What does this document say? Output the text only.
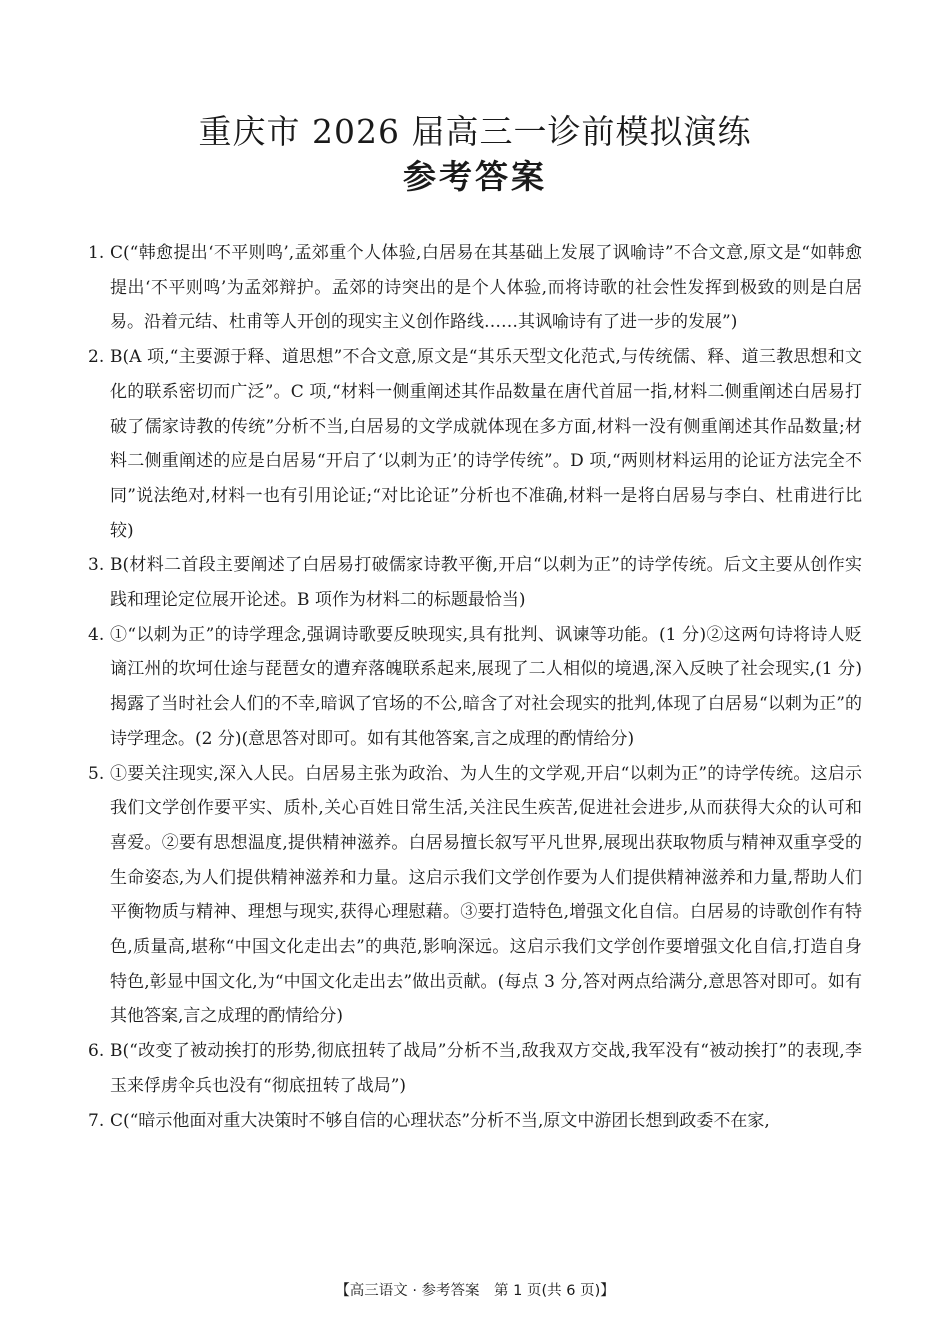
重庆市 2026 届高三一诊前模拟演练
参考答案
1. C(“韩愈提出‘不平则鸣’,孟郊重个人体验,白居易在其基础上发展了讽喻诗”不合文意,原文是“如韩愈提出‘不平则鸣’为孟郊辩护。孟郊的诗突出的是个人体验,而将诗歌的社会性发挥到极致的则是白居易。沿着元结、杜甫等人开创的现实主义创作路线……其讽喻诗有了进一步的发展”)
2. B(A 项,“主要源于释、道思想”不合文意,原文是“其乐天型文化范式,与传统儒、释、道三教思想和文化的联系密切而广泛”。C 项,“材料一侧重阐述其作品数量在唐代首屈一指,材料二侧重阐述白居易打破了儒家诗教的传统”分析不当,白居易的文学成就体现在多方面,材料一没有侧重阐述其作品数量;材料二侧重阐述的应是白居易“开启了‘以刺为正’的诗学传统”。D 项,“两则材料运用的论证方法完全不同”说法绝对,材料一也有引用论证;“对比论证”分析也不准确,材料一是将白居易与李白、杜甫进行比较)
3. B(材料二首段主要阐述了白居易打破儒家诗教平衡,开启“以刺为正”的诗学传统。后文主要从创作实践和理论定位展开论述。B 项作为材料二的标题最恰当)
4. ①“以刺为正”的诗学理念,强调诗歌要反映现实,具有批判、讽谏等功能。(1 分)②这两句诗将诗人贬谪江州的坎坷仕途与琵琶女的遭弃落魄联系起来,展现了二人相似的境遇,深入反映了社会现实,(1 分)揭露了当时社会人们的不幸,暗讽了官场的不公,暗含了对社会现实的批判,体现了白居易“以刺为正”的诗学理念。(2 分)(意思答对即可。如有其他答案,言之成理的酌情给分)
5. ①要关注现实,深入人民。白居易主张为政治、为人生的文学观,开启“以刺为正”的诗学传统。这启示我们文学创作要平实、质朴,关心百姓日常生活,关注民生疾苦,促进社会进步,从而获得大众的认可和喜爱。②要有思想温度,提供精神滋养。白居易擅长叙写平凡世界,展现出获取物质与精神双重享受的生命姿态,为人们提供精神滋养和力量。这启示我们文学创作要为人们提供精神滋养和力量,帮助人们平衡物质与精神、理想与现实,获得心理慰藉。③要打造特色,增强文化自信。白居易的诗歌创作有特色,质量高,堪称“中国文化走出去”的典范,影响深远。这启示我们文学创作要增强文化自信,打造自身特色,彰显中国文化,为“中国文化走出去”做出贡献。(每点 3 分,答对两点给满分,意思答对即可。如有其他答案,言之成理的酌情给分)
6. B(“改变了被动挨打的形势,彻底扭转了战局”分析不当,敌我双方交战,我军没有“被动挨打”的表现,李玉来俘虏伞兵也没有“彻底扭转了战局”)
7. C(“暗示他面对重大决策时不够自信的心理状态”分析不当,原文中游团长想到政委不在家,
【高三语文 · 参考答案　第 1 页(共 6 页)】
